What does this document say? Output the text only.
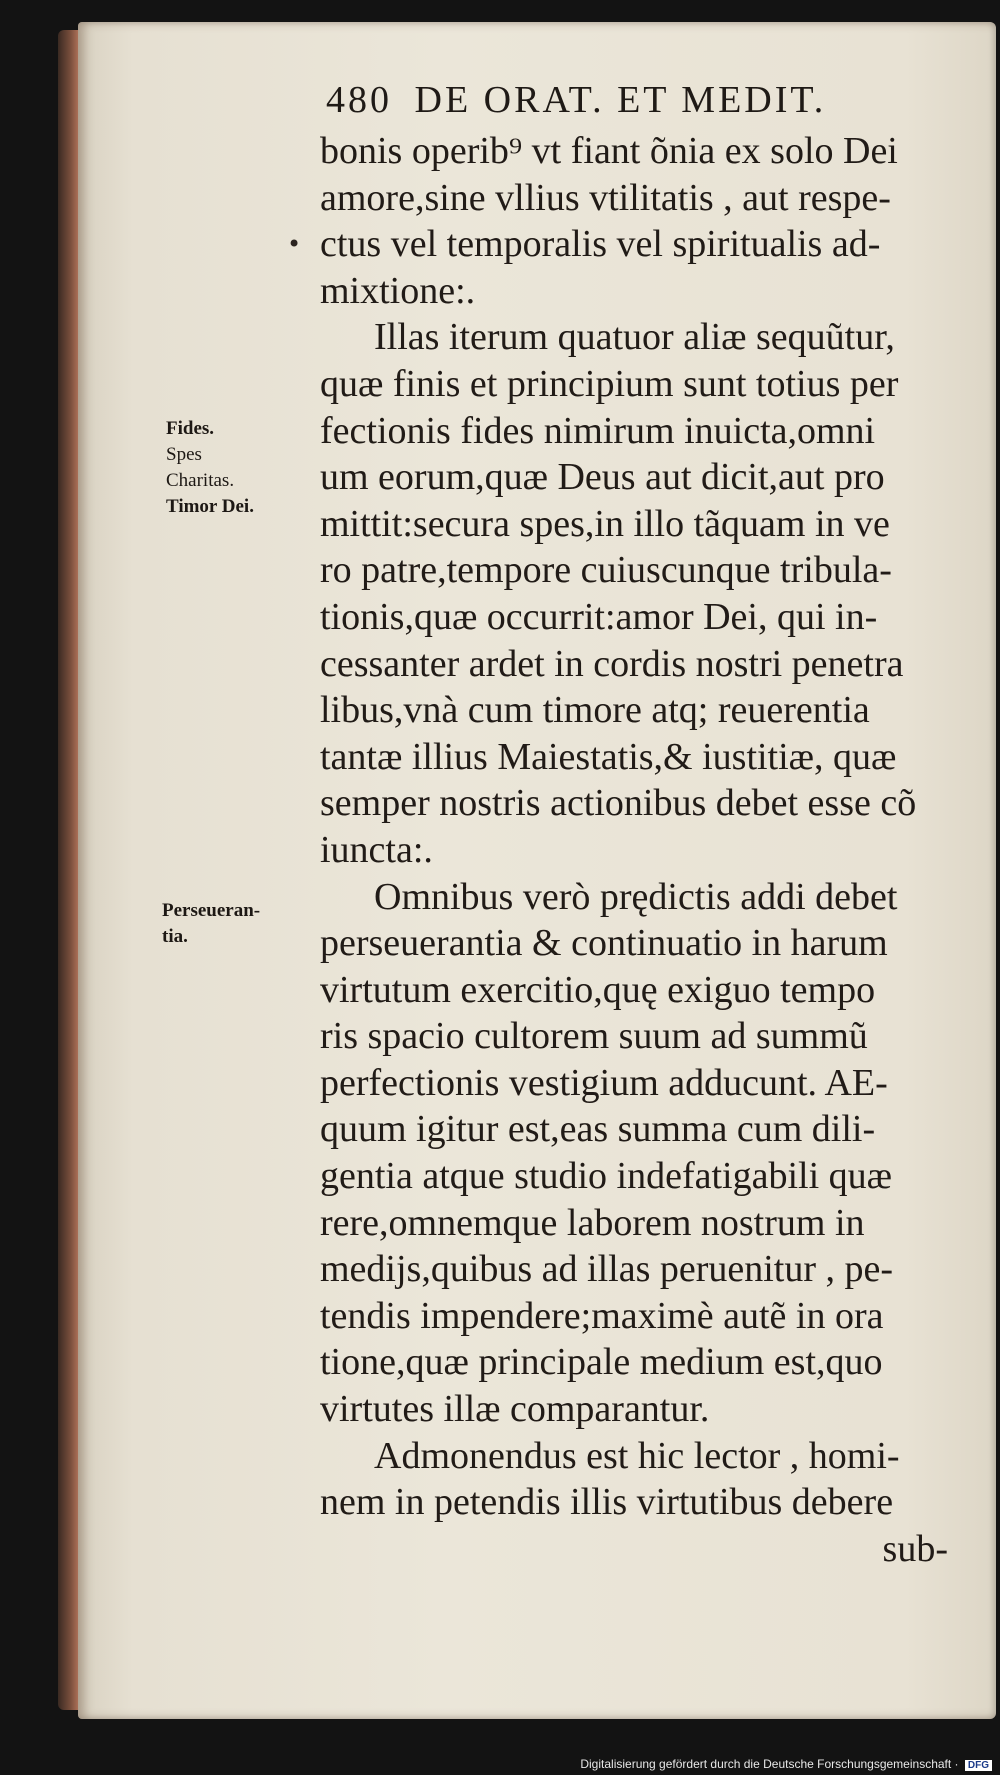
480 DE ORAT. ET MEDIT.
•
Fides.
Spes
Charitas.
Timor Dei.
Perseueran-
tia.
bonis operib⁹ vt fiant õnia ex solo Dei
amore,sine vllius vtilitatis , aut respe-
ctus vel temporalis vel spiritualis ad-
mixtione:.
Illas iterum quatuor aliæ sequũtur,
quæ finis et principium sunt totius per
fectionis fides nimirum inuicta,omni
um eorum,quæ Deus aut dicit,aut pro
mittit:secura spes,in illo tãquam in ve
ro patre,tempore cuiuscunque tribula-
tionis,quæ occurrit:amor Dei, qui in-
cessanter ardet in cordis nostri penetra
libus,vnà cum timore atq; reuerentia
tantæ illius Maiestatis,& iustitiæ, quæ
semper nostris actionibus debet esse cõ
iuncta:.
Omnibus verò prędictis addi debet
perseuerantia & continuatio in harum
virtutum exercitio,quę exiguo tempo
ris spacio cultorem suum ad summũ
perfectionis vestigium adducunt. AE-
quum igitur est,eas summa cum dili-
gentia atque studio indefatigabili quæ
rere,omnemque laborem nostrum in
medijs,quibus ad illas peruenitur , pe-
tendis impendere;maximè autẽ in ora
tione,quæ principale medium est,quo
virtutes illæ comparantur.
Admonendus est hic lector , homi-
nem in petendis illis virtutibus debere
sub-
Digitalisierung gefördert durch die Deutsche Forschungsgemeinschaft · DFG
